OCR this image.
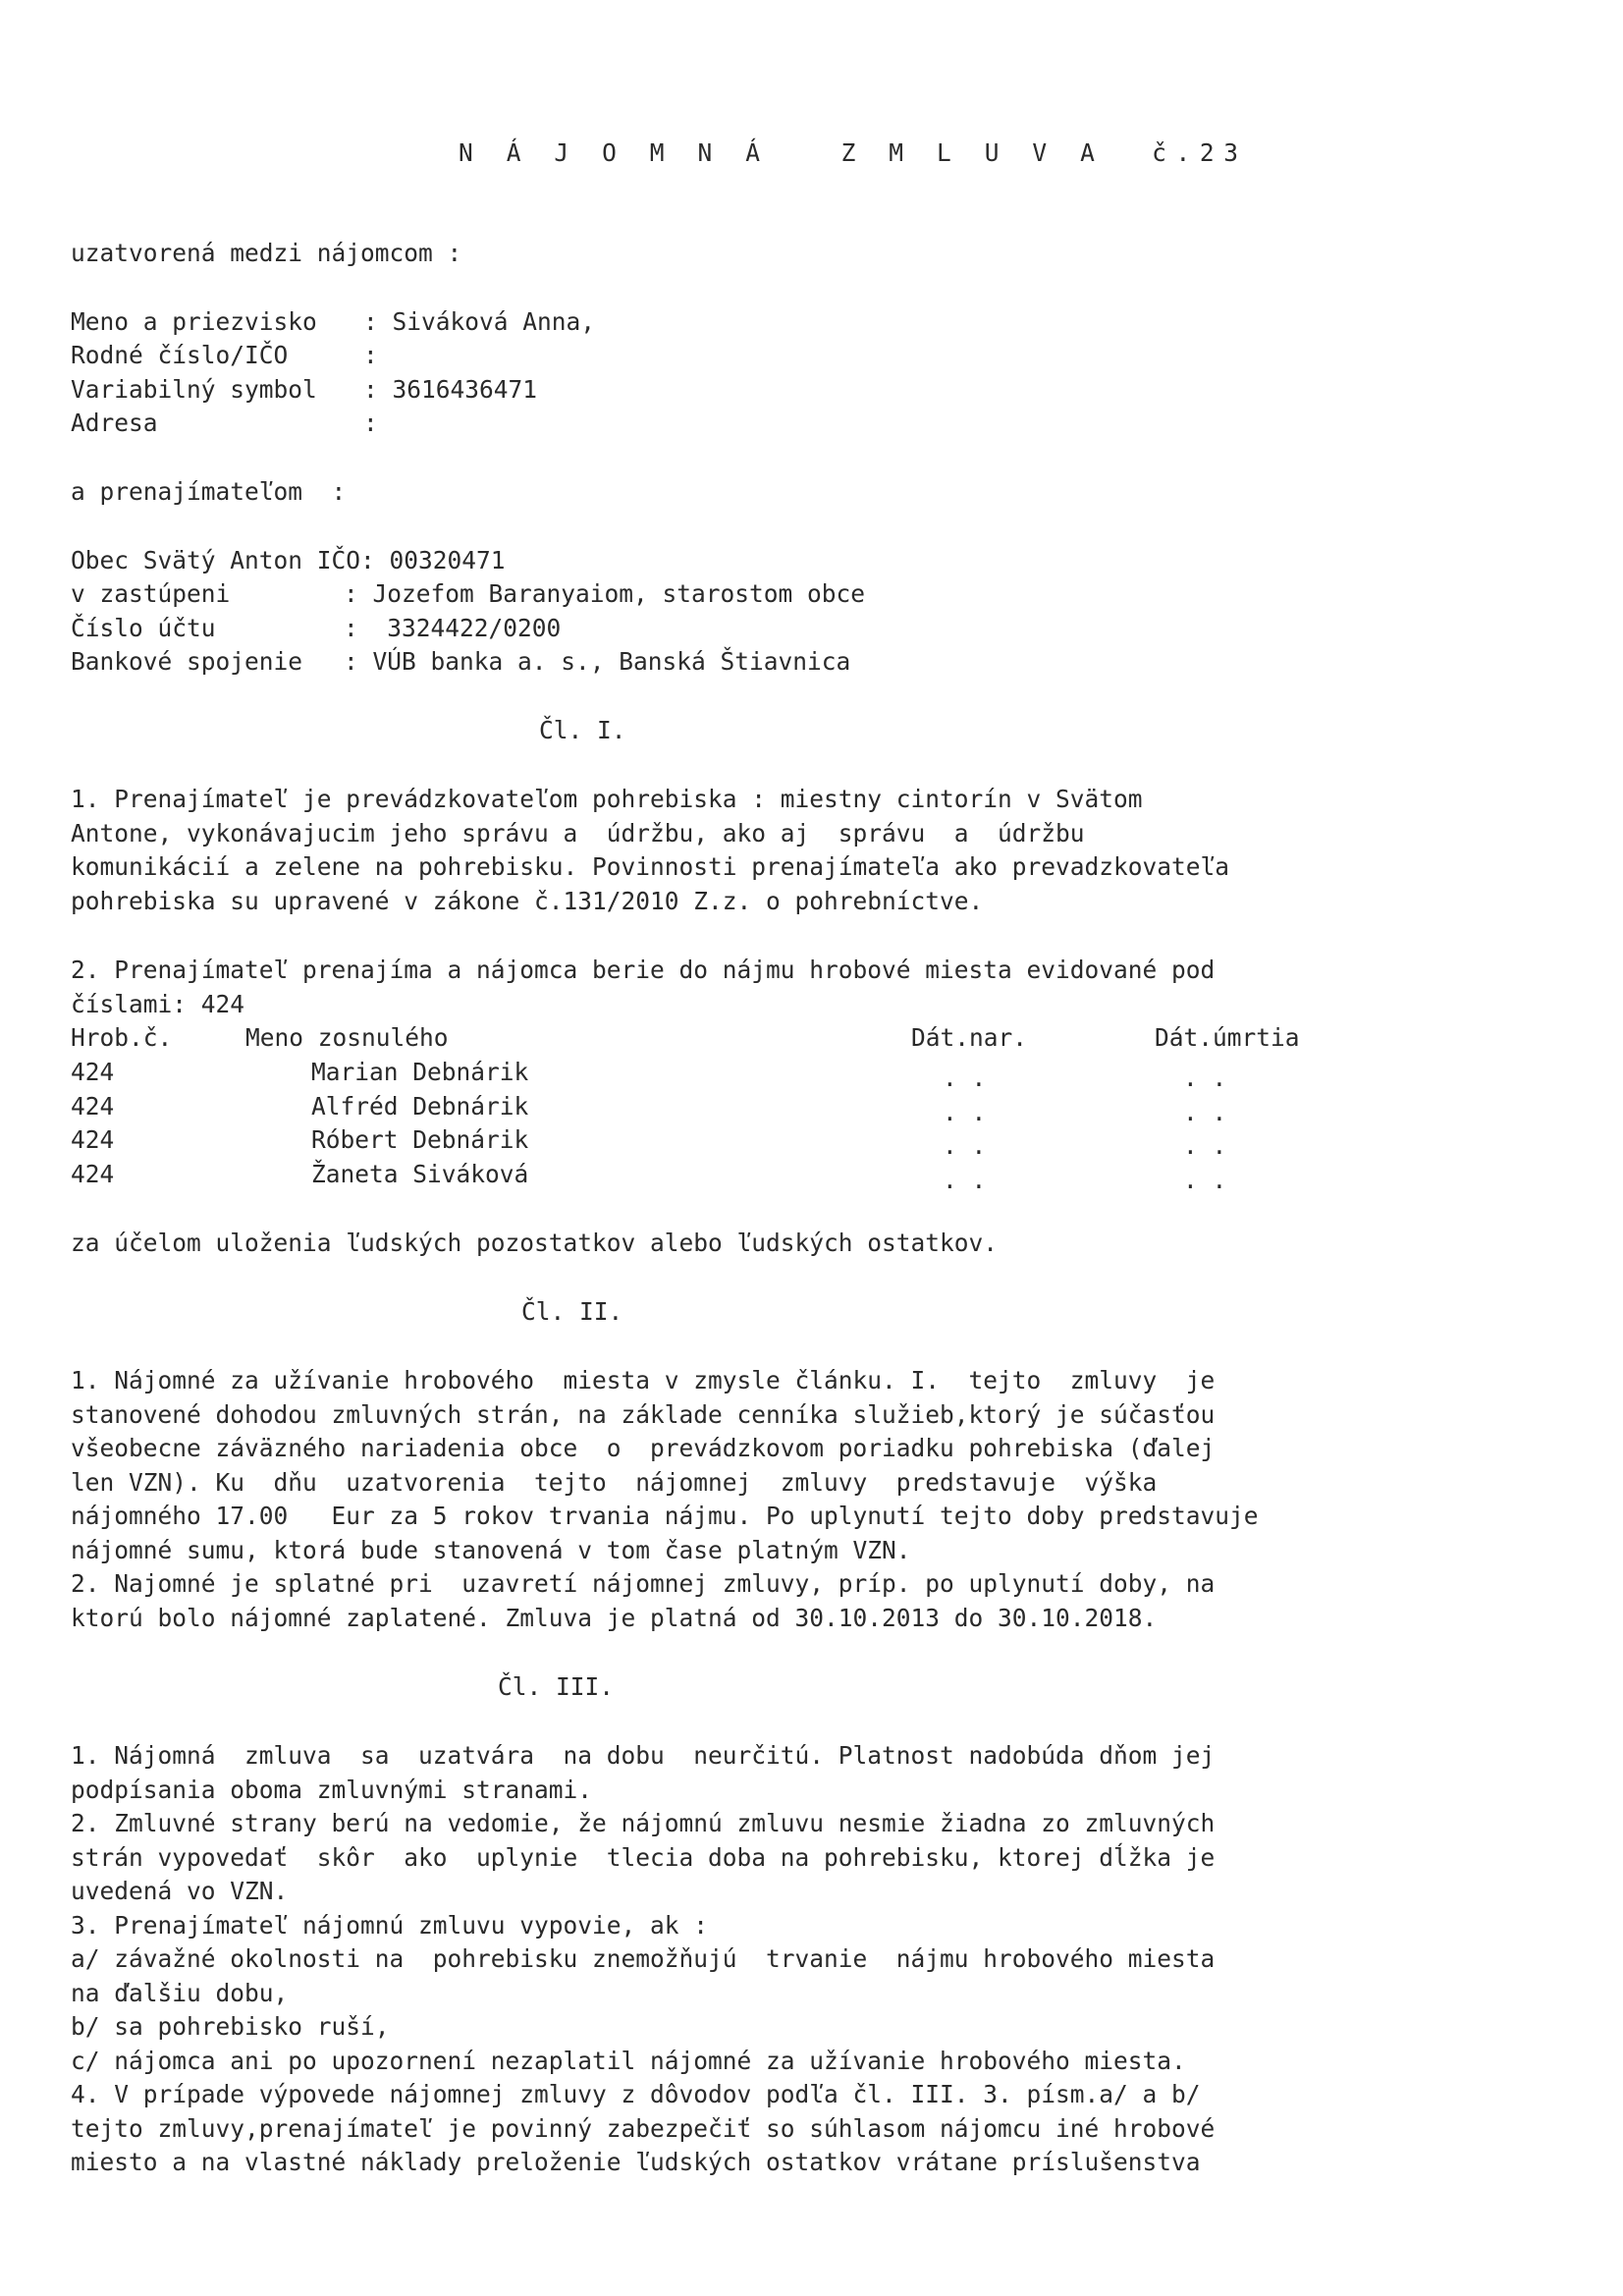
N Á J O M N Á   Z M L U V A  č.23
uzatvorená medzi nájomcom :
Meno a priezvisko : Siváková Anna,
Rodné číslo/IČO	:
Variabilný symbol : 3616436471
Adresa	:
a prenajímateľom  :
Obec Svätý Anton IČO: 00320471
v zastúpeni	: Jozefom Baranyaiom, starostom obce
Číslo účtu	:  3324422/0200
Bankové spojenie : VÚB banka a. s., Banská Štiavnica
Čl. I.
1. Prenajímateľ je prevádzkovateľom pohrebiska : miestny cintorín v Svätom
Antone, vykonávajucim jeho správu a  údržbu, ako aj  správu  a  údržbu
komunikácií a zelene na pohrebisku. Povinnosti prenajímateľa ako prevadzkovateľa
pohrebiska su upravené v zákone č.131/2010 Z.z. o pohrebníctve.
2. Prenajímateľ prenajíma a nájomca berie do nájmu hrobové miesta evidované pod
číslami: 424
Hrob.č.	Meno zosnulého	Dát.nar.	Dát.úmrtia
424	Marian Debnárik	. .	. .
424	Alfréd Debnárik	. .	. .
424	Róbert Debnárik	. .	. .
424	Žaneta Siváková	. .	. .
za účelom uloženia ľudských pozostatkov alebo ľudských ostatkov.
Čl. II.
1. Nájomné za užívanie hrobového  miesta v zmysle článku. I.  tejto  zmluvy  je
stanovené dohodou zmluvných strán, na základe cenníka služieb,ktorý je súčasťou
všeobecne záväzného nariadenia obce  o  prevádzkovom poriadku pohrebiska (ďalej
len VZN). Ku  dňu  uzatvorenia  tejto  nájomnej  zmluvy  predstavuje  výška
nájomného 17.00   Eur za 5 rokov trvania nájmu. Po uplynutí tejto doby predstavuje
nájomné sumu, ktorá bude stanovená v tom čase platným VZN.
2. Najomné je splatné pri  uzavretí nájomnej zmluvy, príp. po uplynutí doby, na
ktorú bolo nájomné zaplatené. Zmluva je platná od 30.10.2013 do 30.10.2018.
Čl. III.
1. Nájomná  zmluva  sa  uzatvára  na dobu  neurčitú. Platnost nadobúda dňom jej
podpísania oboma zmluvnými stranami.
2. Zmluvné strany berú na vedomie, že nájomnú zmluvu nesmie žiadna zo zmluvných
strán vypovedať  skôr  ako  uplynie  tlecia doba na pohrebisku, ktorej dĺžka je
uvedená vo VZN.
3. Prenajímateľ nájomnú zmluvu vypovie, ak :
a/ závažné okolnosti na  pohrebisku znemožňujú  trvanie  nájmu hrobového miesta
na ďalšiu dobu,
b/ sa pohrebisko ruší,
c/ nájomca ani po upozornení nezaplatil nájomné za užívanie hrobového miesta.
4. V prípade výpovede nájomnej zmluvy z dôvodov podľa čl. III. 3. písm.a/ a b/
tejto zmluvy,prenajímateľ je povinný zabezpečiť so súhlasom nájomcu iné hrobové
miesto a na vlastné náklady preloženie ľudských ostatkov vrátane príslušenstva
